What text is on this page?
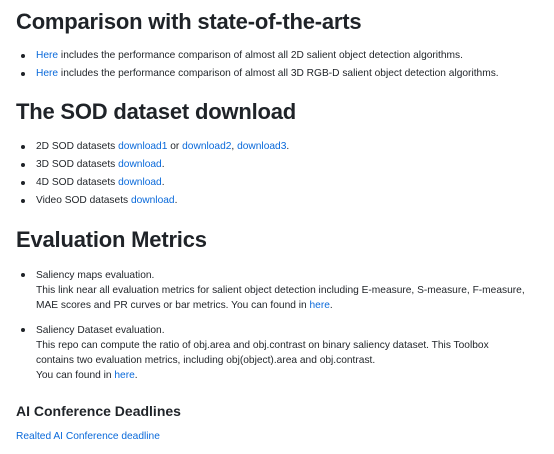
Comparison with state-of-the-arts
Here includes the performance comparison of almost all 2D salient object detection algorithms.
Here includes the performance comparison of almost all 3D RGB-D salient object detection algorithms.
The SOD dataset download
2D SOD datasets download1 or download2, download3.
3D SOD datasets download.
4D SOD datasets download.
Video SOD datasets download.
Evaluation Metrics
Saliency maps evaluation.
This link near all evaluation metrics for salient object detection including E-measure, S-measure, F-measure,
MAE scores and PR curves or bar metrics. You can found in here.
Saliency Dataset evaluation.
This repo can compute the ratio of obj.area and obj.contrast on binary saliency dataset. This Toolbox
contains two evaluation metrics, including obj(object).area and obj.contrast.
You can found in here.
AI Conference Deadlines
Realted AI Conference deadline
